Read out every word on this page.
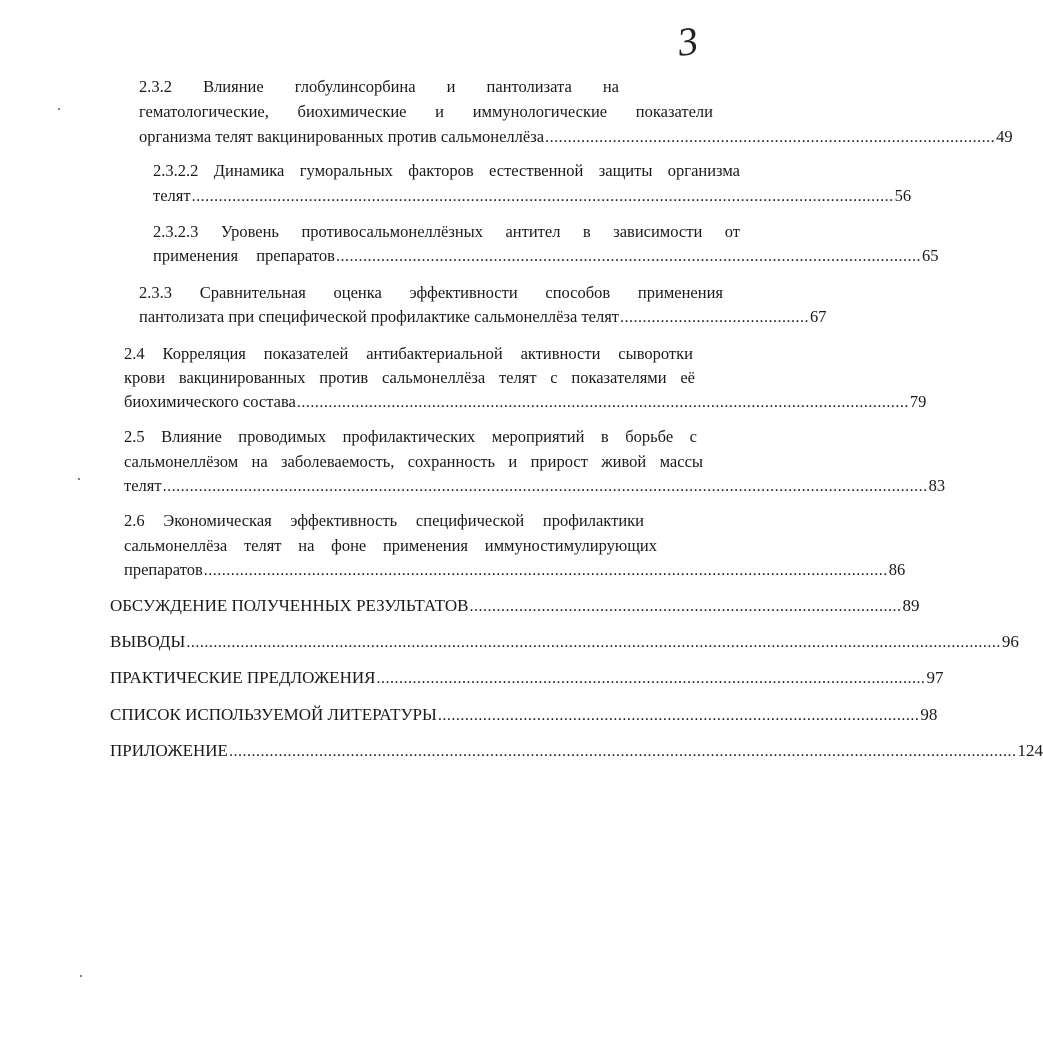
3
2.3.2 Влияние глобулинсорбина и пантолизата на
гематологические, биохимические и иммунологические показатели
организма телят вакцинированных против сальмонеллёза .................................................................................................... 49
2.3.2.2 Динамика гуморальных факторов естественной защиты организма
телят ............................................................................................................................................................ 56
2.3.2.3 Уровень противосальмонеллёзных антител в зависимости от
применения препаратов .................................................................................................................................. 65
2.3.3 Сравнительная оценка эффективности способов применения
пантолизата при специфической профилактике сальмонеллёза телят .......................................... 67
2.4 Корреляция показателей антибактериальной активности сыворотки
крови вакцинированных против сальмонеллёза телят с показателями её
биохимического состава ........................................................................................................................................ 79
2.5 Влияние проводимых профилактических мероприятий в борьбе с
сальмонеллёзом на заболеваемость, сохранность и прирост живой массы
телят .......................................................................................................................................................................... 83
2.6 Экономическая эффективность специфической профилактики
сальмонеллёза телят на фоне применения иммуностимулирующих
препаратов ........................................................................................................................................................ 86
ОБСУЖДЕНИЕ ПОЛУЧЕННЫХ РЕЗУЛЬТАТОВ ................................................................................................ 89
ВЫВОДЫ ..................................................................................................................................................................................... 96
ПРАКТИЧЕСКИЕ ПРЕДЛОЖЕНИЯ .......................................................................................................................... 97
СПИСОК ИСПОЛЬЗУЕМОЙ ЛИТЕРАТУРЫ ........................................................................................................... 98
ПРИЛОЖЕНИЕ ............................................................................................................................................................................... 124
